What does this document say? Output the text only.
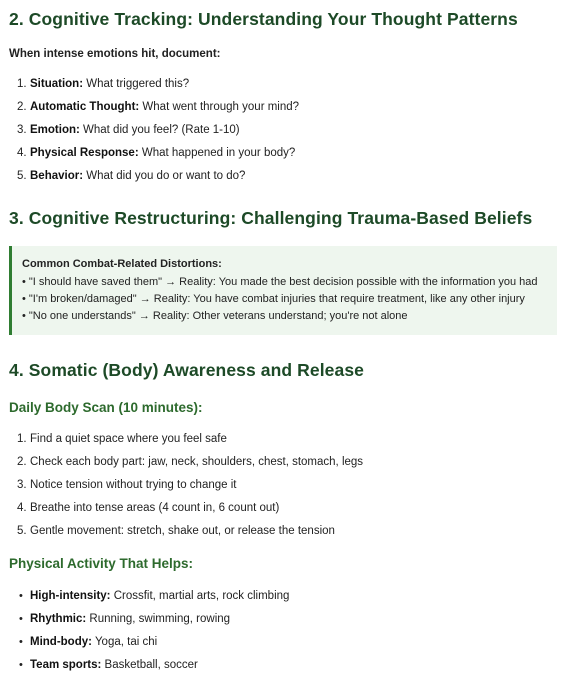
2. Cognitive Tracking: Understanding Your Thought Patterns
When intense emotions hit, document:
1. Situation: What triggered this?
2. Automatic Thought: What went through your mind?
3. Emotion: What did you feel? (Rate 1-10)
4. Physical Response: What happened in your body?
5. Behavior: What did you do or want to do?
3. Cognitive Restructuring: Challenging Trauma-Based Beliefs
Common Combat-Related Distortions:
• "I should have saved them" → Reality: You made the best decision possible with the information you had
• "I'm broken/damaged" → Reality: You have combat injuries that require treatment, like any other injury
• "No one understands" → Reality: Other veterans understand; you're not alone
4. Somatic (Body) Awareness and Release
Daily Body Scan (10 minutes):
1. Find a quiet space where you feel safe
2. Check each body part: jaw, neck, shoulders, chest, stomach, legs
3. Notice tension without trying to change it
4. Breathe into tense areas (4 count in, 6 count out)
5. Gentle movement: stretch, shake out, or release the tension
Physical Activity That Helps:
• High-intensity: Crossfit, martial arts, rock climbing
• Rhythmic: Running, swimming, rowing
• Mind-body: Yoga, tai chi
• Team sports: Basketball, soccer
